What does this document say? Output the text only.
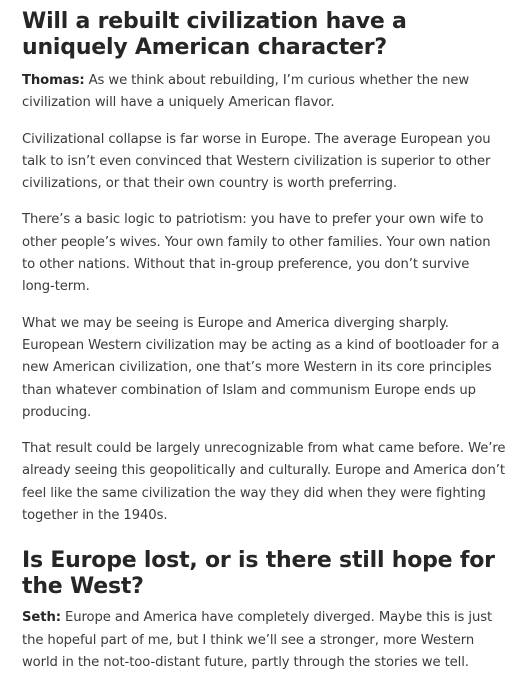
Will a rebuilt civilization have a uniquely American character?

Thomas: As we think about rebuilding, I’m curious whether the new civilization will have a uniquely American flavor.

Civilizational collapse is far worse in Europe. The average European you talk to isn’t even convinced that Western civilization is superior to other civilizations, or that their own country is worth preferring.

There’s a basic logic to patriotism: you have to prefer your own wife to other people’s wives. Your own family to other families. Your own nation to other nations. Without that in-group preference, you don’t survive long-term.

What we may be seeing is Europe and America diverging sharply. European Western civilization may be acting as a kind of bootloader for a new American civilization, one that’s more Western in its core principles than whatever combination of Islam and communism Europe ends up producing.

That result could be largely unrecognizable from what came before. We’re already seeing this geopolitically and culturally. Europe and America don’t feel like the same civilization the way they did when they were fighting together in the 1940s.

Is Europe lost, or is there still hope for the West?

Seth: Europe and America have completely diverged. Maybe this is just the hopeful part of me, but I think we’ll see a stronger, more Western world in the not-too-distant future, partly through the stories we tell.
